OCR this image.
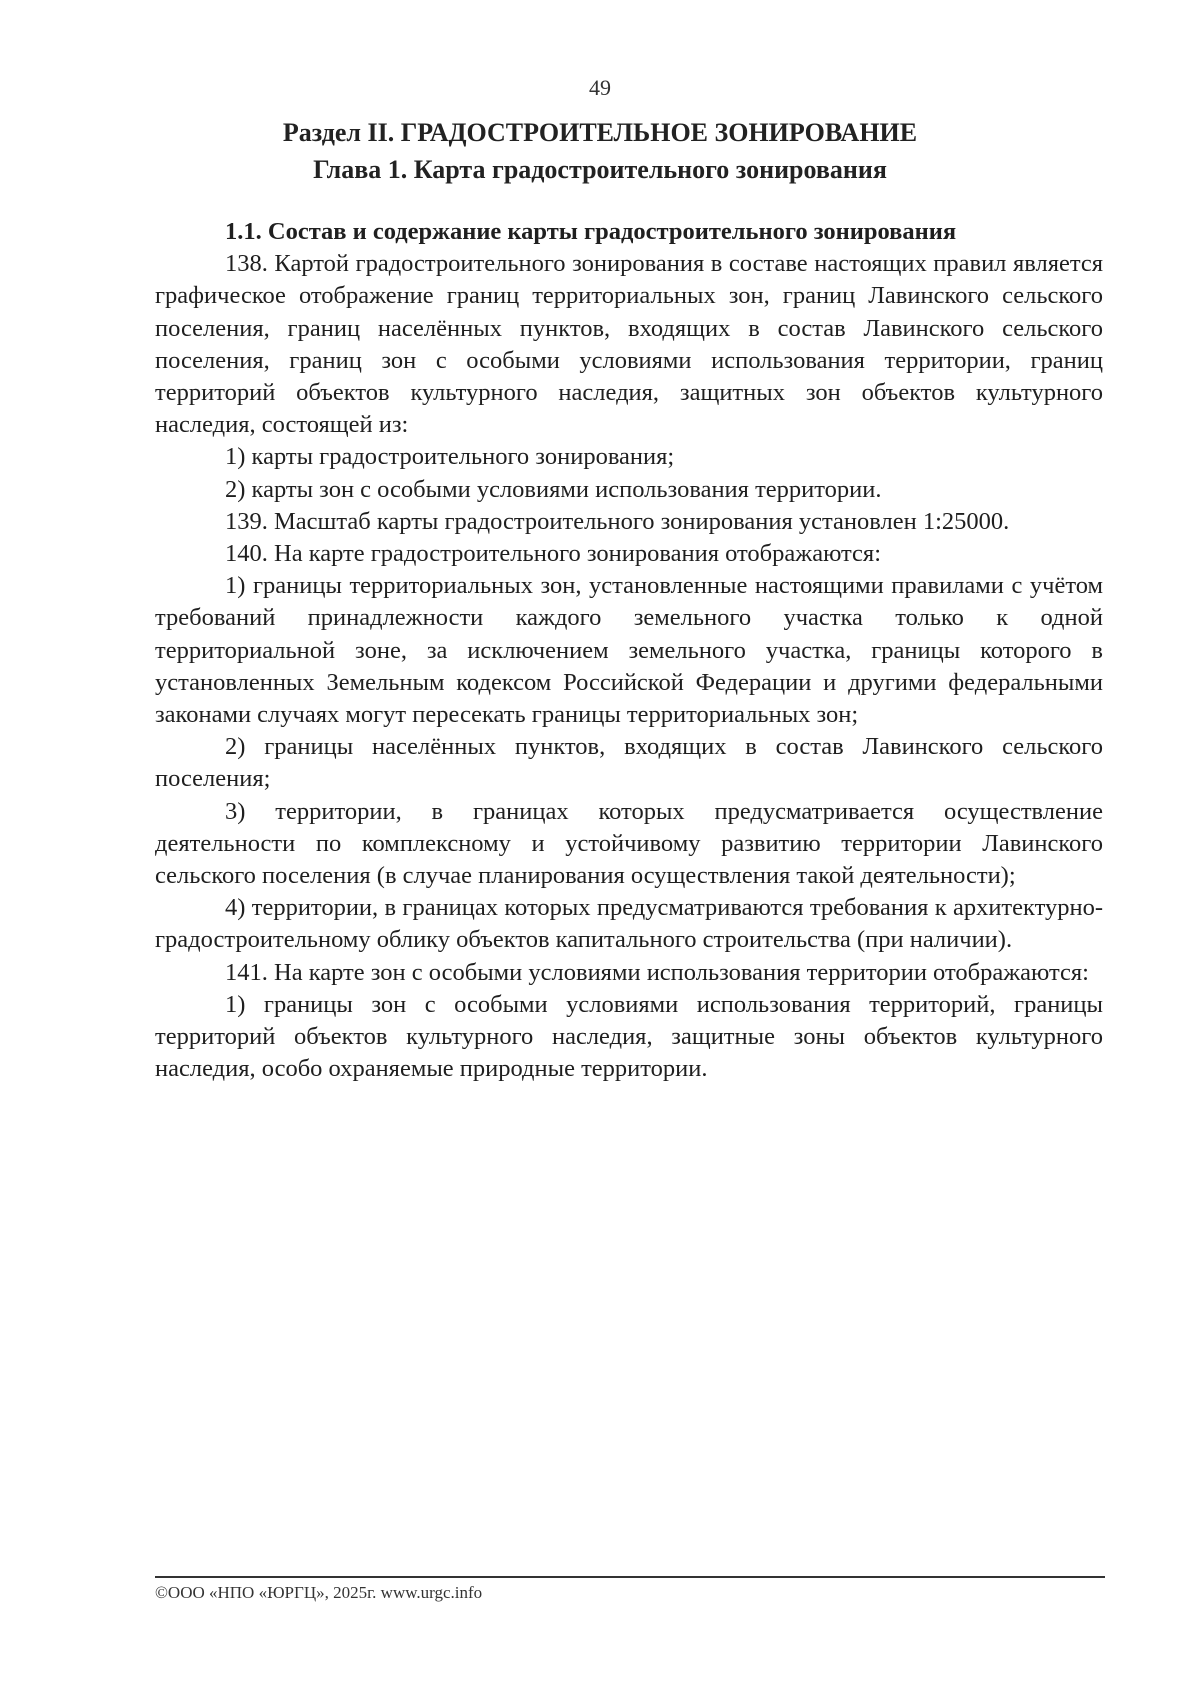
49
Раздел II. ГРАДОСТРОИТЕЛЬНОЕ ЗОНИРОВАНИЕ
Глава 1. Карта градостроительного зонирования

1.1. Состав и содержание карты градостроительного зонирования

138. Картой градостроительного зонирования в составе настоящих правил является графическое отображение границ территориальных зон, границ Лавинского сельского поселения, границ населённых пунктов, входящих в состав Лавинского сельского поселения, границ зон с особыми условиями использования территории, границ территорий объектов культурного наследия, защитных зон объектов культурного наследия, состоящей из:

1) карты градостроительного зонирования;

2) карты зон с особыми условиями использования территории.

139. Масштаб карты градостроительного зонирования установлен 1:25000.

140. На карте градостроительного зонирования отображаются:

1) границы территориальных зон, установленные настоящими правилами с учётом требований принадлежности каждого земельного участка только к одной территориальной зоне, за исключением земельного участка, границы которого в установленных Земельным кодексом Российской Федерации и другими федеральными законами случаях могут пересекать границы территориальных зон;

2) границы населённых пунктов, входящих в состав Лавинского сельского поселения;

3) территории, в границах которых предусматривается осуществление деятельности по комплексному и устойчивому развитию территории Лавинского сельского поселения (в случае планирования осуществления такой деятельности);

4) территории, в границах которых предусматриваются требования к архитектурно-градостроительному облику объектов капитального строительства (при наличии).

141. На карте зон с особыми условиями использования территории отображаются:

1) границы зон с особыми условиями использования территорий, границы территорий объектов культурного наследия, защитные зоны объектов культурного наследия, особо охраняемые природные территории.

©ООО «НПО «ЮРГЦ», 2025г. www.urgc.info
